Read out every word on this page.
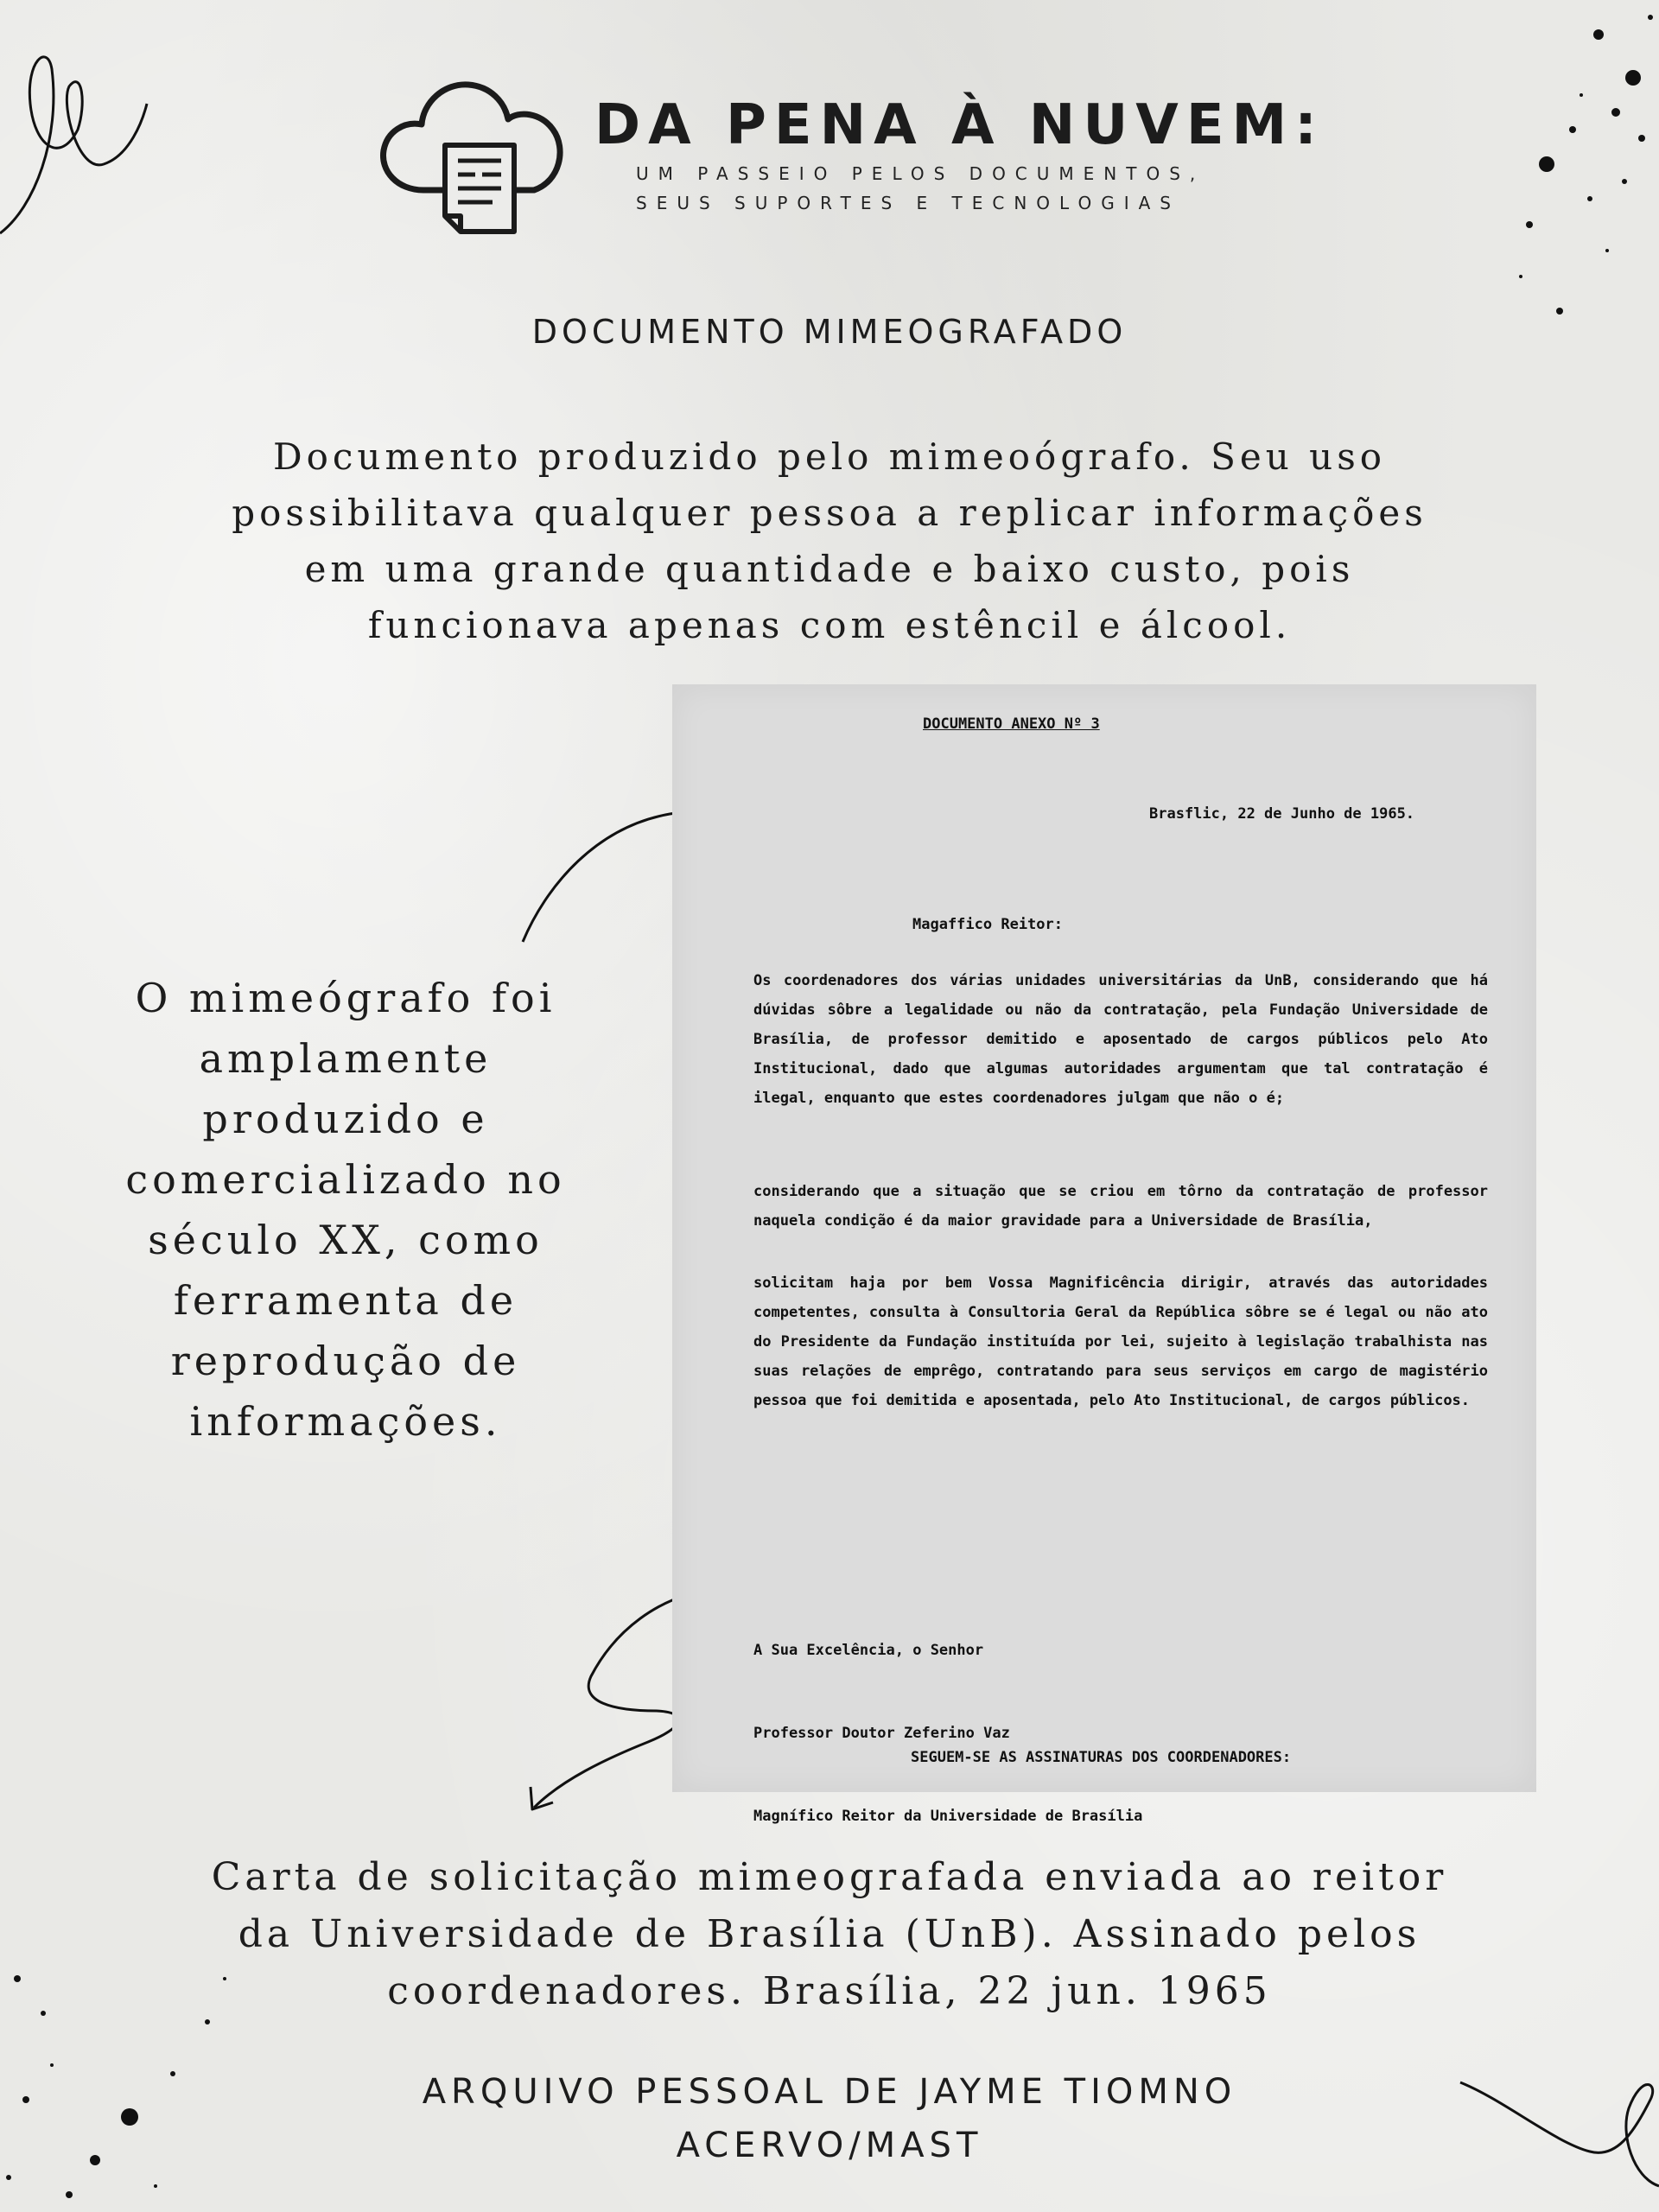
DA PENA À NUVEM:
UM PASSEIO PELOS DOCUMENTOS,
SEUS SUPORTES E TECNOLOGIAS
DOCUMENTO MIMEOGRAFADO
Documento produzido pelo mimeoógrafo. Seu uso
possibilitava qualquer pessoa a replicar informações
em uma grande quantidade e baixo custo, pois
funcionava apenas com estêncil e álcool.
O mimeógrafo foi
amplamente
produzido e
comercializado no
século XX, como
ferramenta de
reprodução de
informações.
DOCUMENTO ANEXO Nº 3
Brasflic, 22 de Junho de 1965.
Magaffico Reitor:
Os coordenadores dos várias unidades universitárias da UnB, considerando que há dúvidas sôbre a legalidade ou não da contratação, pela Fundação Universidade de Brasília, de professor demitido e aposentado de cargos públicos pelo Ato Institucional, dado que algumas autoridades argumentam que tal contratação é ilegal, enquanto que estes coordenadores julgam que não o é;
considerando que a situação que se criou em tôrno da contratação de professor naquela condição é da maior gravidade para a Universidade de Brasília,
solicitam haja por bem Vossa Magnificência dirigir, através das autoridades competentes, consulta à Consultoria Geral da República sôbre se é legal ou não ato do Presidente da Fundação instituída por lei, sujeito à legislação trabalhista nas suas relações de emprêgo, contratando para seus serviços em cargo de magistério pessoa que foi demitida e aposentada, pelo Ato Institucional, de cargos públicos.

A Sua Excelência, o Senhor

Professor Doutor Zeferino Vaz

Magnífico Reitor da Universidade de Brasília

SEGUEM-SE AS ASSINATURAS DOS COORDENADORES:
Carta de solicitação mimeografada enviada ao reitor
da Universidade de Brasília (UnB). Assinado pelos
coordenadores. Brasília, 22 jun. 1965
ARQUIVO PESSOAL DE JAYME TIOMNO
ACERVO/MAST
